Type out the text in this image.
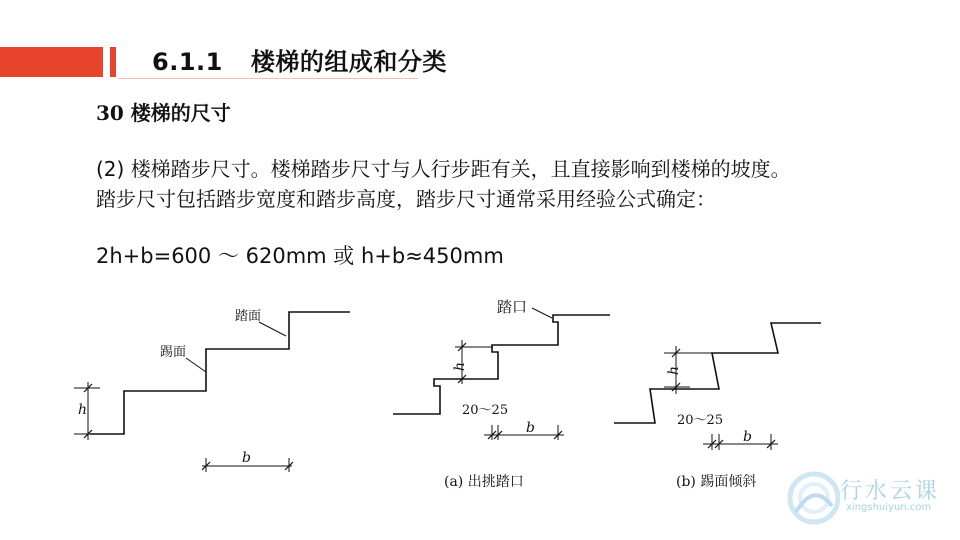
6.1.1 楼梯的组成和分类
30 楼梯的尺寸

(2) 楼梯踏步尺寸。楼梯踏步尺寸与人行步距有关，且直接影响到楼梯的坡度。

踏步尺寸包括踏步宽度和踏步高度，踏步尺寸通常采用经验公式确定：

2h+b=600 ～ 620mm 或 h+b≈450mm
h
b
踏面
踢面
h
踏口
20～25
b
(a) 出挑踏口
h
20～25
b
(b) 踢面倾斜	行水云课
xingshuiyun.com
